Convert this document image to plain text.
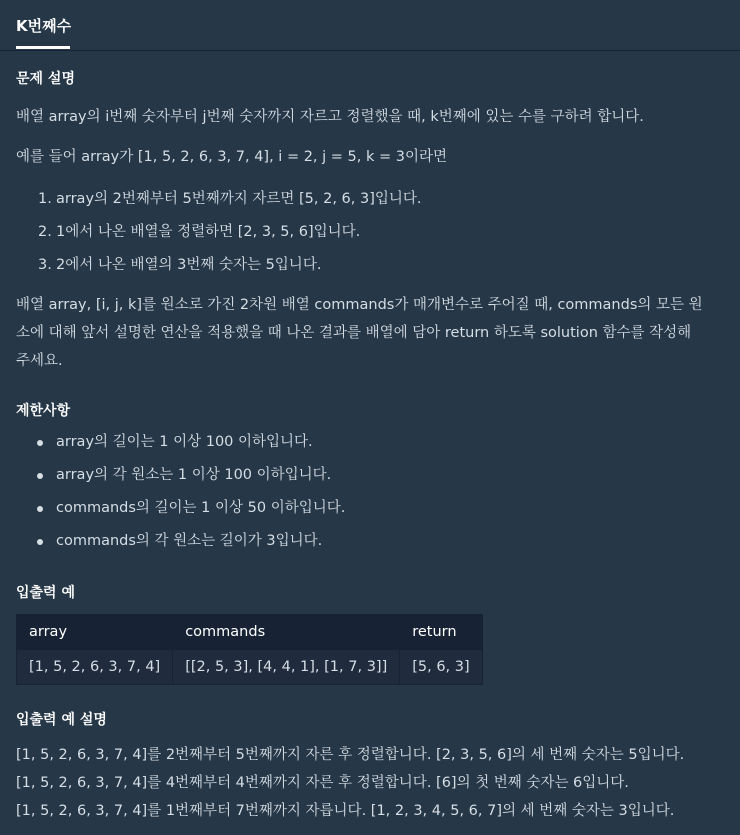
K번째수
문제 설명
배열 array의 i번째 숫자부터 j번째 숫자까지 자르고 정렬했을 때, k번째에 있는 수를 구하려 합니다.
예를 들어 array가 [1, 5, 2, 6, 3, 7, 4], i = 2, j = 5, k = 3이라면
1. array의 2번째부터 5번째까지 자르면 [5, 2, 6, 3]입니다.
2. 1에서 나온 배열을 정렬하면 [2, 3, 5, 6]입니다.
3. 2에서 나온 배열의 3번째 숫자는 5입니다.
배열 array, [i, j, k]를 원소로 가진 2차원 배열 commands가 매개변수로 주어질 때, commands의 모든 원
소에 대해 앞서 설명한 연산을 적용했을 때 나온 결과를 배열에 담아 return 하도록 solution 함수를 작성해
주세요.
제한사항
array의 길이는 1 이상 100 이하입니다.
array의 각 원소는 1 이상 100 이하입니다.
commands의 길이는 1 이상 50 이하입니다.
commands의 각 원소는 길이가 3입니다.
입출력 예
array	commands	return
[1, 5, 2, 6, 3, 7, 4]	[[2, 5, 3], [4, 4, 1], [1, 7, 3]]	[5, 6, 3]
입출력 예 설명
[1, 5, 2, 6, 3, 7, 4]를 2번째부터 5번째까지 자른 후 정렬합니다. [2, 3, 5, 6]의 세 번째 숫자는 5입니다.
[1, 5, 2, 6, 3, 7, 4]를 4번째부터 4번째까지 자른 후 정렬합니다. [6]의 첫 번째 숫자는 6입니다.
[1, 5, 2, 6, 3, 7, 4]를 1번째부터 7번째까지 자릅니다. [1, 2, 3, 4, 5, 6, 7]의 세 번째 숫자는 3입니다.
